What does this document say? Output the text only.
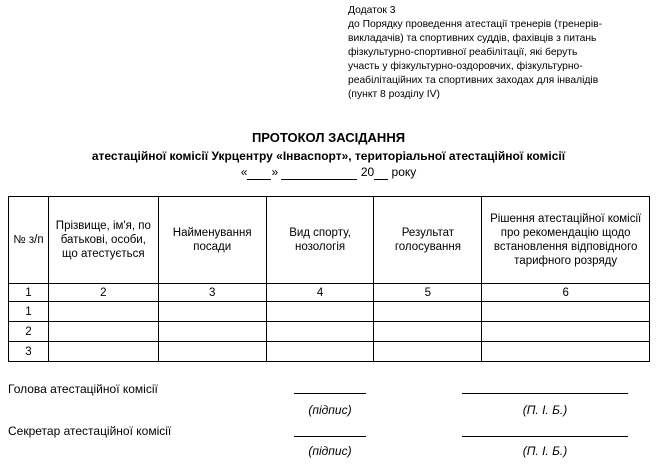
Додаток 3
до Порядку проведення атестації тренерів (тренерів-
викладачів) та спортивних суддів, фахівців з питань
фізкультурно-спортивної реабілітації, які беруть
участь у фізкультурно-оздоровчих, фізкультурно-
реабілітаційних та спортивних заходах для інвалідів
(пункт 8 розділу IV)
ПРОТОКОЛ ЗАСІДАННЯ
атестаційної комісії Укрцентру «Інваспорт», територіальної атестаційної комісії
« »	20 року
№ з/п	Прізвище, ім'я, по батькові, особи, що атестується	Найменування посади	Вид спорту, нозологія	Результат голосування	Рішення атестаційної комісії про рекомендацію щодо встановлення відповідного тарифного розряду
1	2	3	4	5	6
1					
2					
3					
Голова атестаційної комісії
(підпис)	(П. І. Б.)
Секретар атестаційної комісії
(підпис)	(П. І. Б.)
